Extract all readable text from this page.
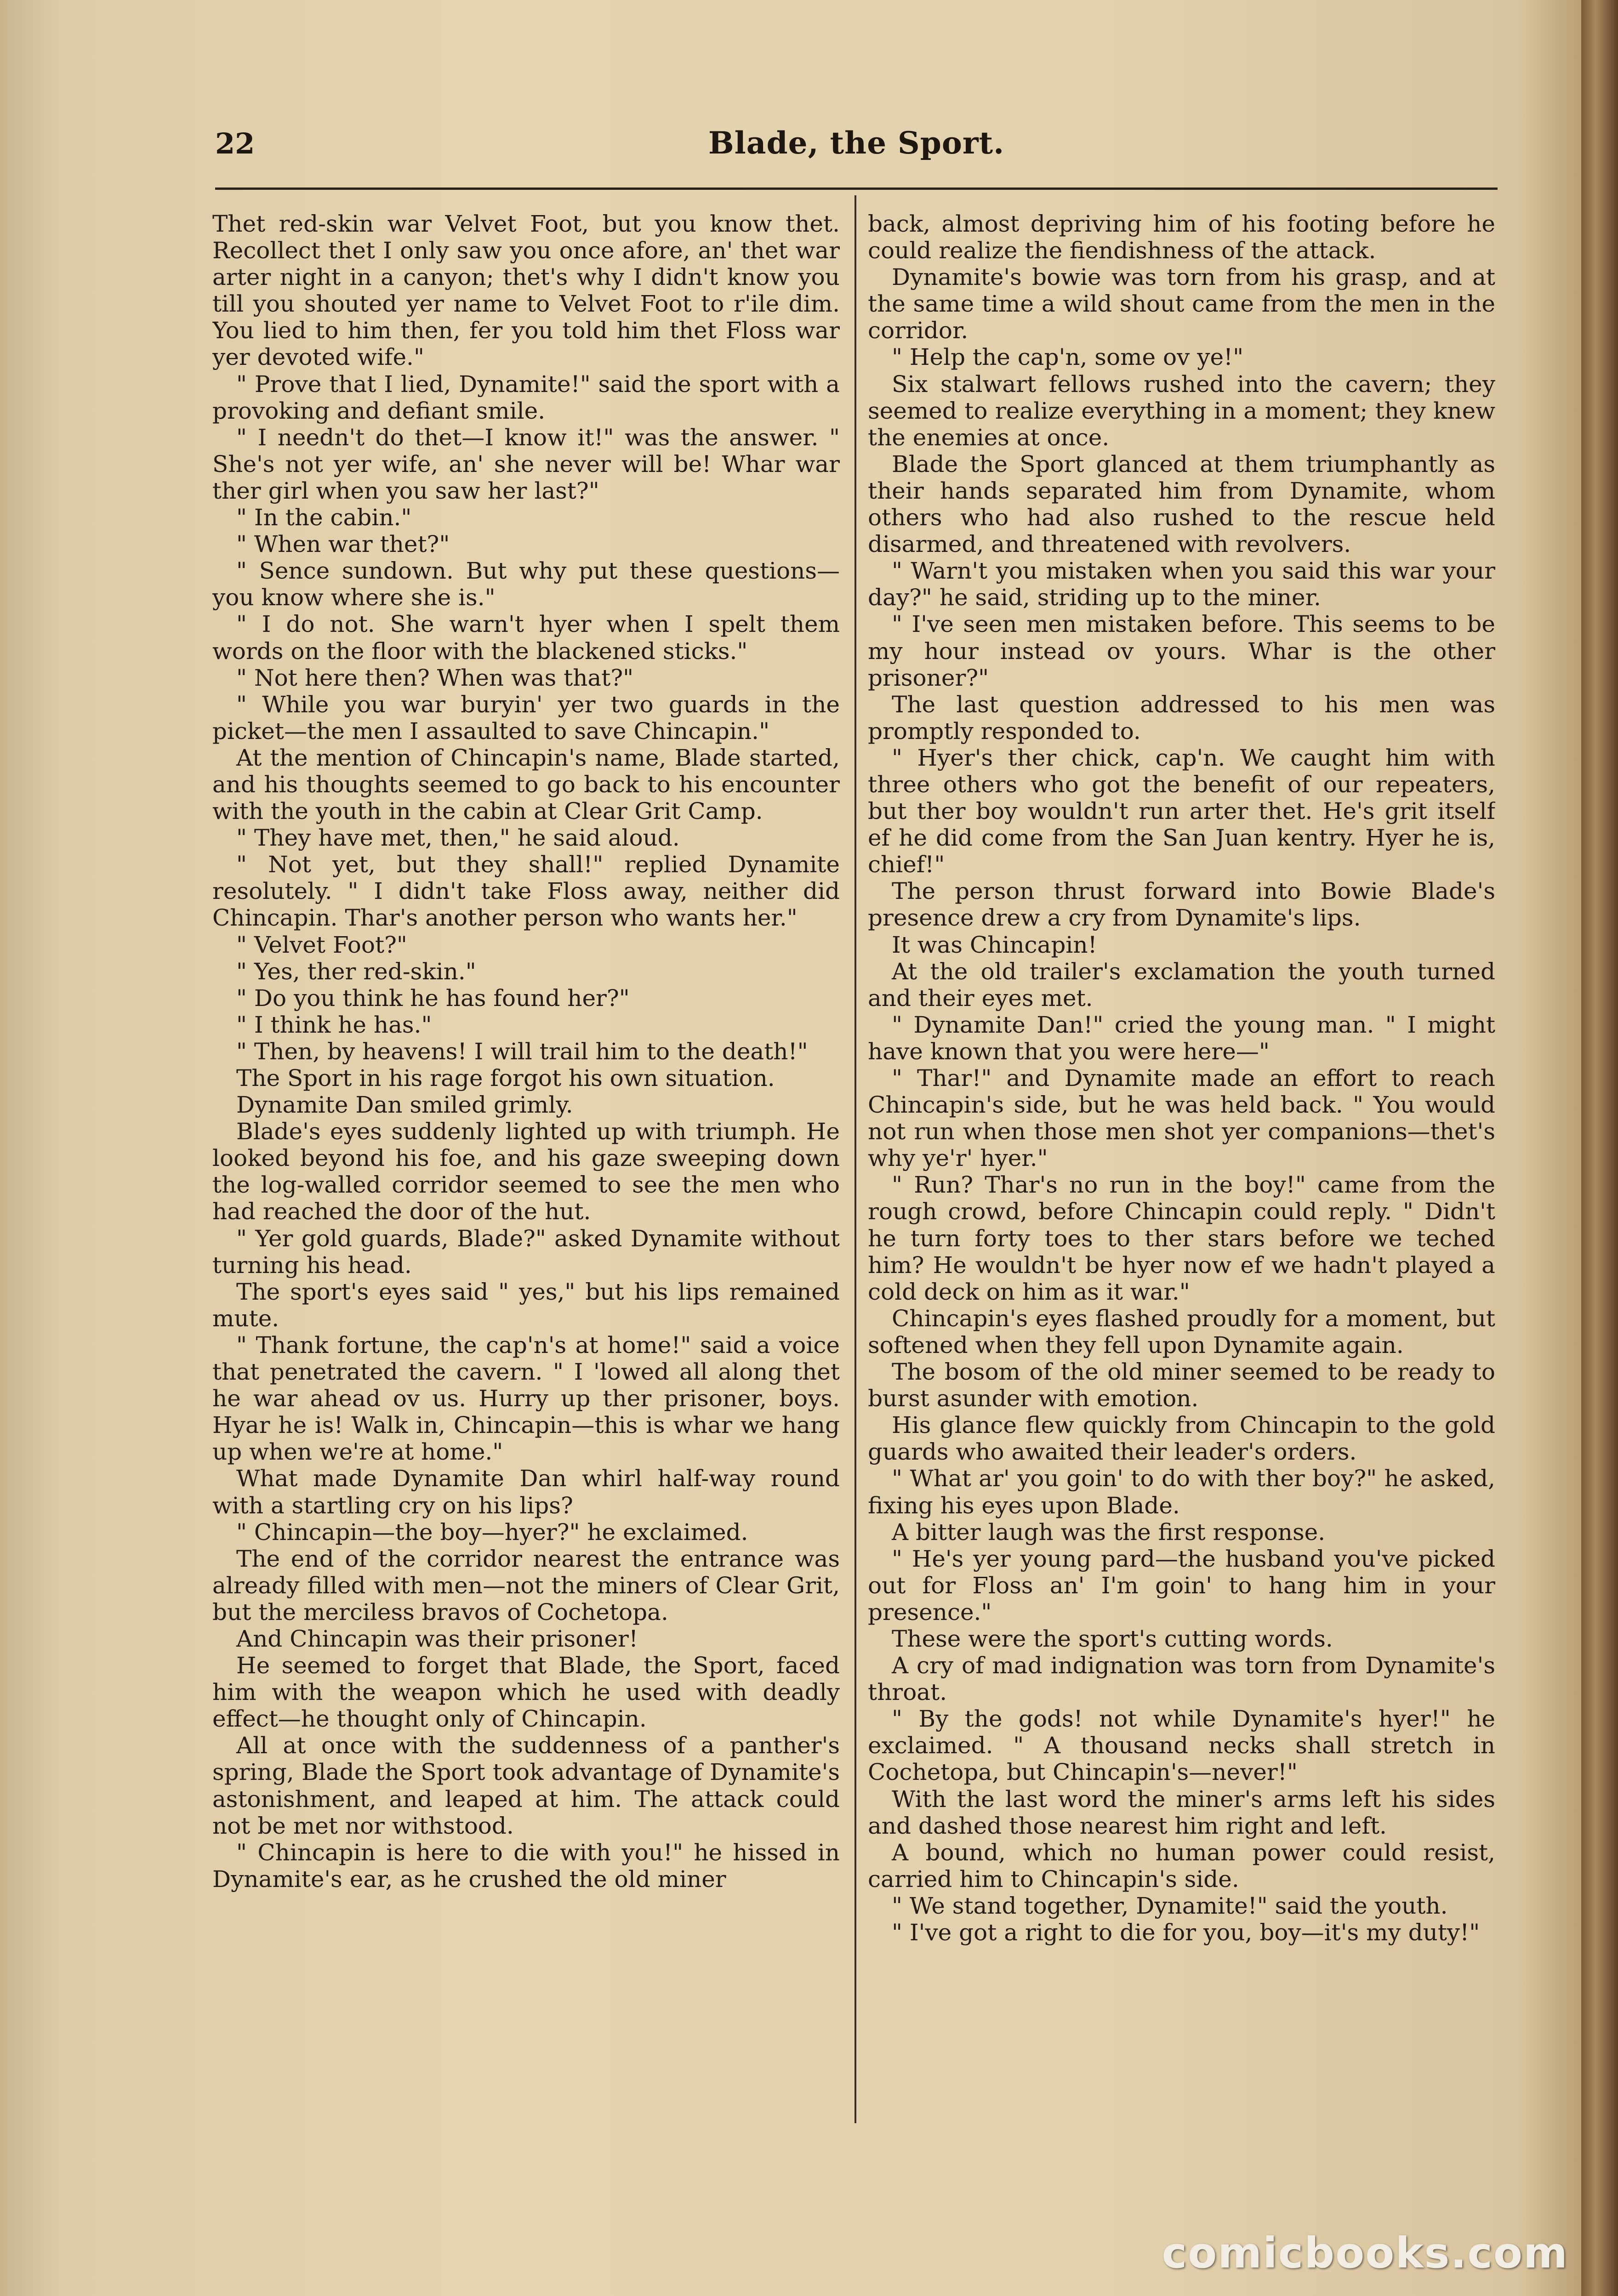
22	Blade, the Sport.

Thet red-skin war Velvet Foot, but you know thet. Recollect thet I only saw you once afore, an' thet war arter night in a canyon; thet's why I didn't know you till you shouted yer name to Velvet Foot to r'ile dim. You lied to him then, fer you told him thet Floss war yer devoted wife."

" Prove that I lied, Dynamite!" said the sport with a provoking and defiant smile.

" I needn't do thet—I know it!" was the answer. " She's not yer wife, an' she never will be! Whar war ther girl when you saw her last?"

" In the cabin."

" When war thet?"

" Sence sundown. But why put these questions—you know where she is."

" I do not. She warn't hyer when I spelt them words on the floor with the blackened sticks."

" Not here then? When was that?"

" While you war buryin' yer two guards in the picket—the men I assaulted to save Chincapin."

At the mention of Chincapin's name, Blade started, and his thoughts seemed to go back to his encounter with the youth in the cabin at Clear Grit Camp.

" They have met, then," he said aloud.

" Not yet, but they shall!" replied Dynamite resolutely. " I didn't take Floss away, neither did Chincapin. Thar's another person who wants her."

" Velvet Foot?"

" Yes, ther red-skin."

" Do you think he has found her?"

" I think he has."

" Then, by heavens! I will trail him to the death!"

The Sport in his rage forgot his own situation.

Dynamite Dan smiled grimly.

Blade's eyes suddenly lighted up with triumph. He looked beyond his foe, and his gaze sweeping down the log-walled corridor seemed to see the men who had reached the door of the hut.

" Yer gold guards, Blade?" asked Dynamite without turning his head.

The sport's eyes said " yes," but his lips remained mute.

" Thank fortune, the cap'n's at home!" said a voice that penetrated the cavern. " I 'lowed all along thet he war ahead ov us. Hurry up ther prisoner, boys. Hyar he is! Walk in, Chincapin—this is whar we hang up when we're at home."

What made Dynamite Dan whirl half-way round with a startling cry on his lips?

" Chincapin—the boy—hyer?" he exclaimed.

The end of the corridor nearest the entrance was already filled with men—not the miners of Clear Grit, but the merciless bravos of Cochetopa.

And Chincapin was their prisoner!

He seemed to forget that Blade, the Sport, faced him with the weapon which he used with deadly effect—he thought only of Chincapin.

All at once with the suddenness of a panther's spring, Blade the Sport took advantage of Dynamite's astonishment, and leaped at him. The attack could not be met nor withstood.

" Chincapin is here to die with you!" he hissed in Dynamite's ear, as he crushed the old miner

back, almost depriving him of his footing before he could realize the fiendishness of the attack.

Dynamite's bowie was torn from his grasp, and at the same time a wild shout came from the men in the corridor.

" Help the cap'n, some ov ye!"

Six stalwart fellows rushed into the cavern; they seemed to realize everything in a moment; they knew the enemies at once.

Blade the Sport glanced at them triumphantly as their hands separated him from Dynamite, whom others who had also rushed to the rescue held disarmed, and threatened with revolvers.

" Warn't you mistaken when you said this war your day?" he said, striding up to the miner.

" I've seen men mistaken before. This seems to be my hour instead ov yours. Whar is the other prisoner?"

The last question addressed to his men was promptly responded to.

" Hyer's ther chick, cap'n. We caught him with three others who got the benefit of our repeaters, but ther boy wouldn't run arter thet. He's grit itself ef he did come from the San Juan kentry. Hyer he is, chief!"

The person thrust forward into Bowie Blade's presence drew a cry from Dynamite's lips.

It was Chincapin!

At the old trailer's exclamation the youth turned and their eyes met.

" Dynamite Dan!" cried the young man. " I might have known that you were here—"

" Thar!" and Dynamite made an effort to reach Chincapin's side, but he was held back. " You would not run when those men shot yer companions—thet's why ye'r' hyer."

" Run? Thar's no run in the boy!" came from the rough crowd, before Chincapin could reply. " Didn't he turn forty toes to ther stars before we teched him? He wouldn't be hyer now ef we hadn't played a cold deck on him as it war."

Chincapin's eyes flashed proudly for a moment, but softened when they fell upon Dynamite again.

The bosom of the old miner seemed to be ready to burst asunder with emotion.

His glance flew quickly from Chincapin to the gold guards who awaited their leader's orders.

" What ar' you goin' to do with ther boy?" he asked, fixing his eyes upon Blade.

A bitter laugh was the first response.

" He's yer young pard—the husband you've picked out for Floss an' I'm goin' to hang him in your presence."

These were the sport's cutting words.

A cry of mad indignation was torn from Dynamite's throat.

" By the gods! not while Dynamite's hyer!" he exclaimed. " A thousand necks shall stretch in Cochetopa, but Chincapin's—never!"

With the last word the miner's arms left his sides and dashed those nearest him right and left.

A bound, which no human power could resist, carried him to Chincapin's side.

" We stand together, Dynamite!" said the youth.

" I've got a right to die for you, boy—it's my duty!"

comicbooks.com
